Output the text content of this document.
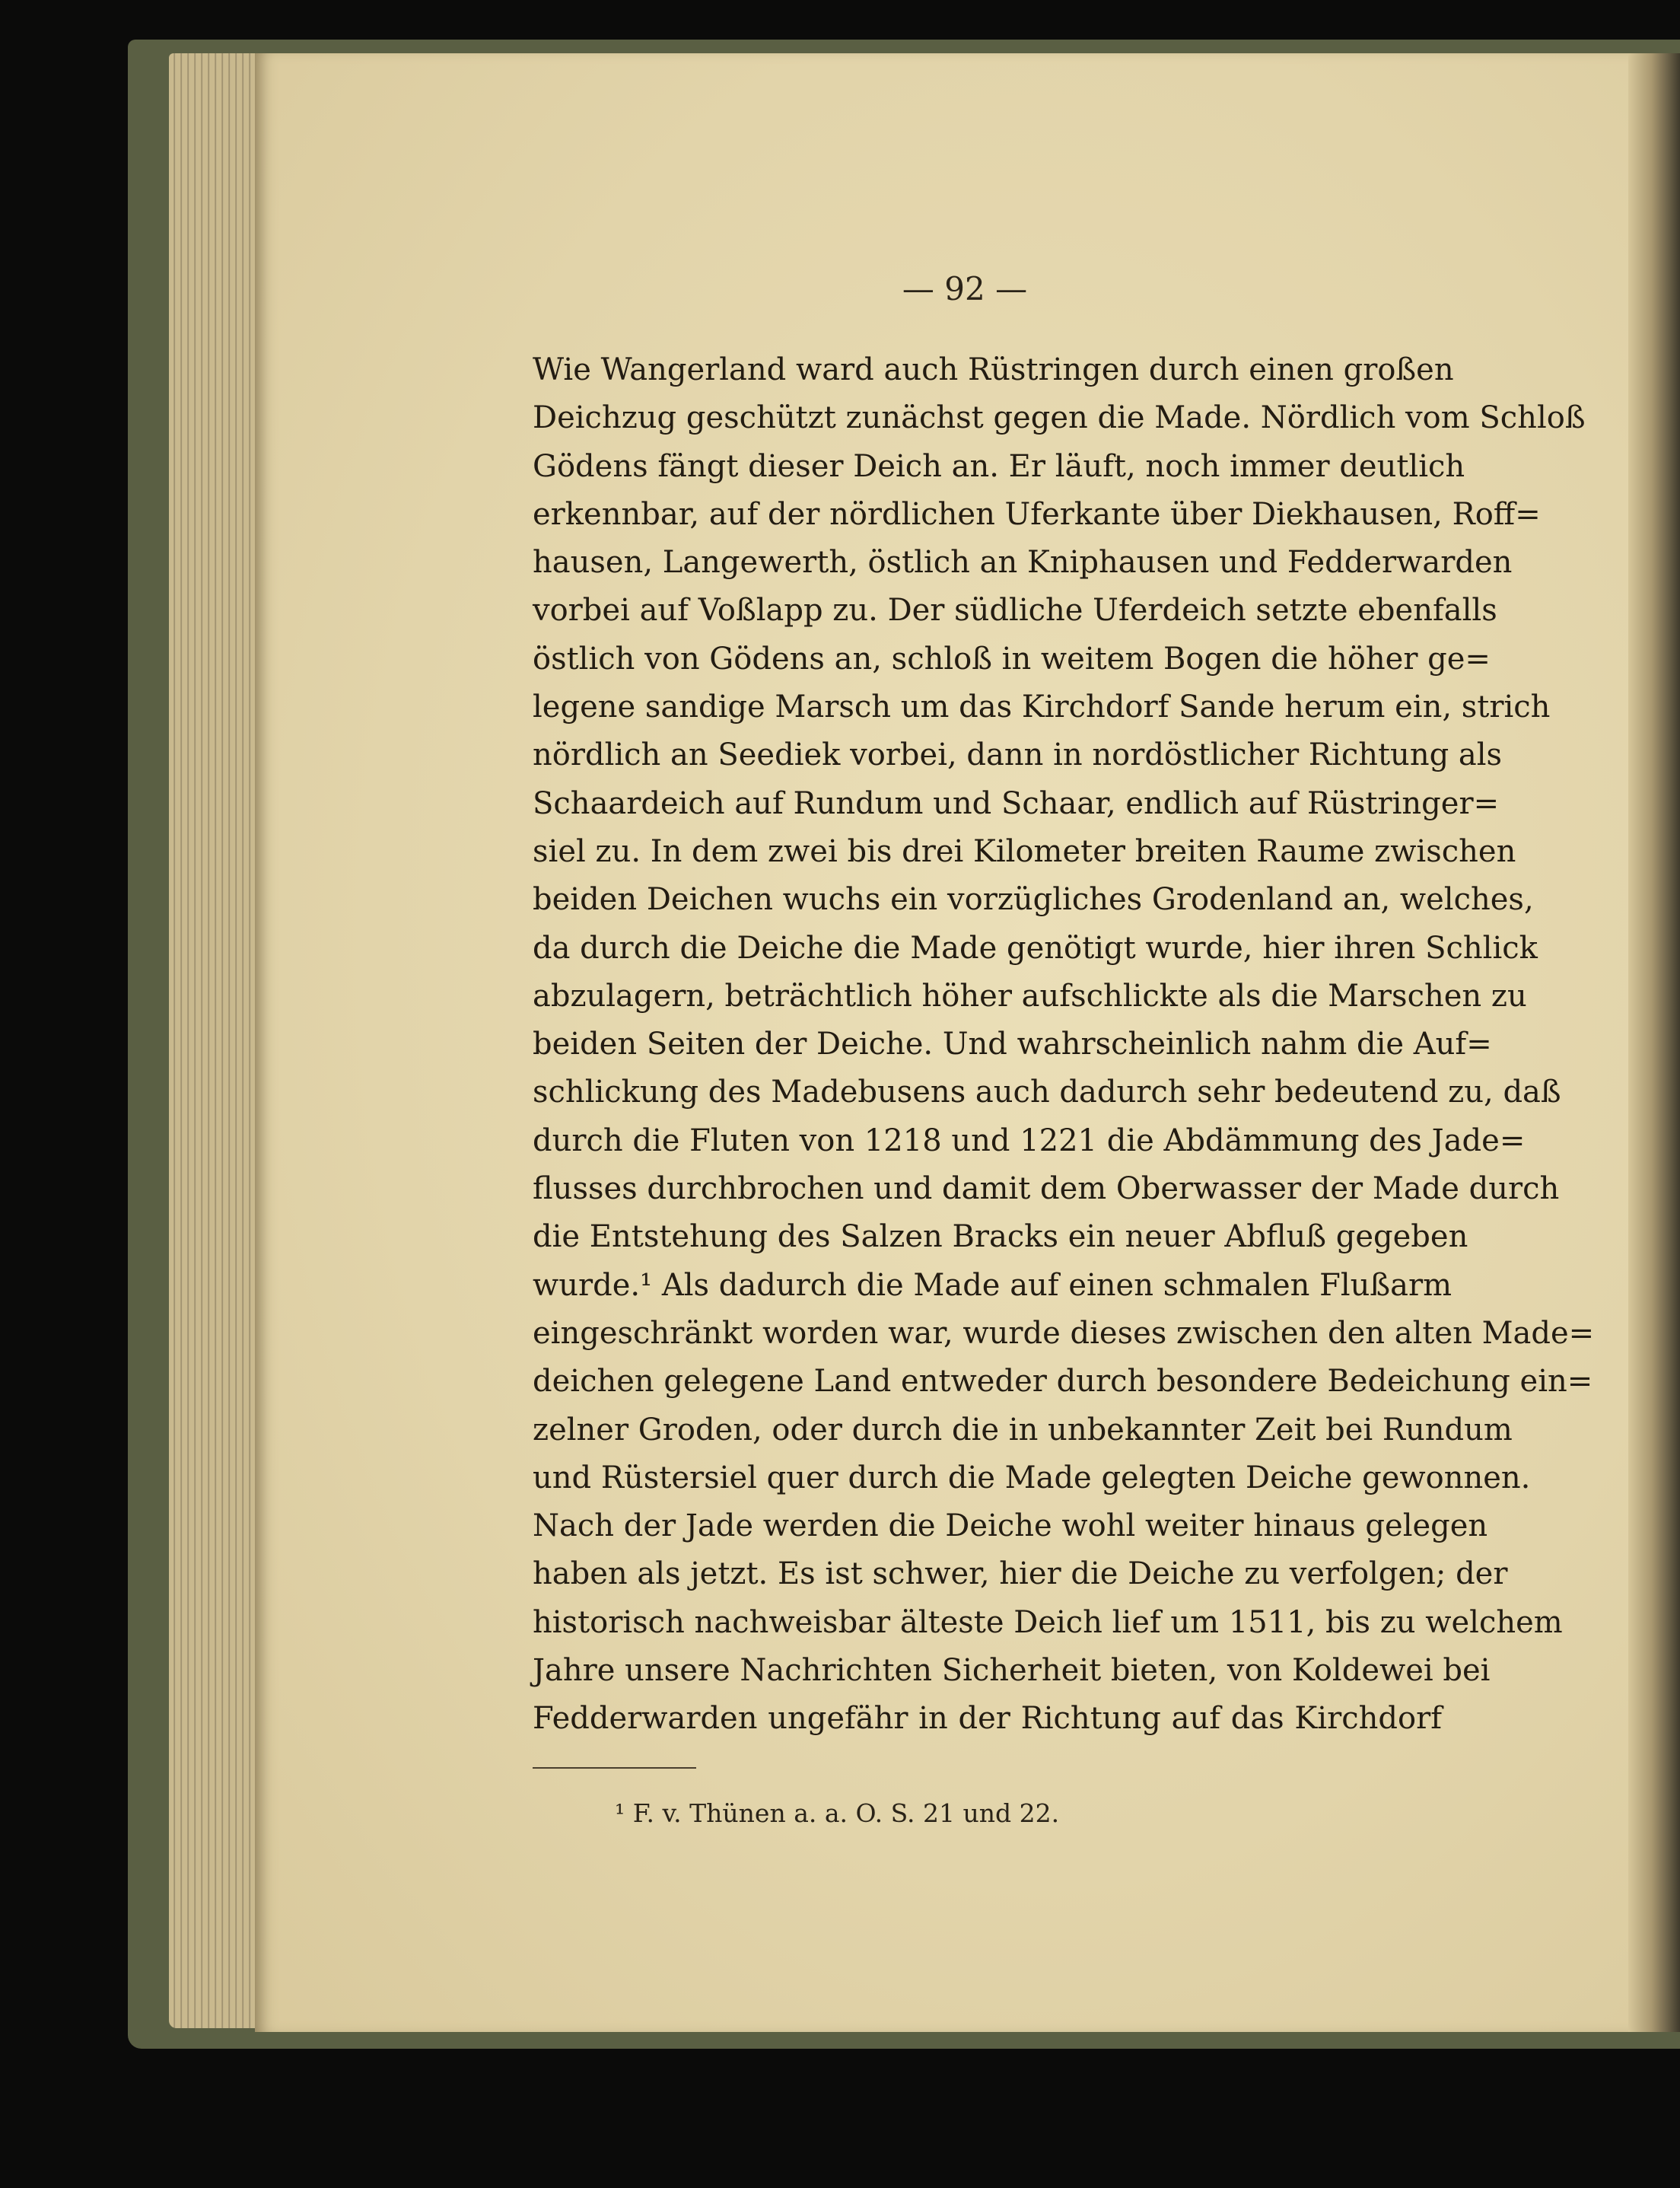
— 92 —

Wie Wangerland ward auch Rüstringen durch einen großen
Deichzug geschützt zunächst gegen die Made. Nördlich vom Schloß
Gödens fängt dieser Deich an. Er läuft, noch immer deutlich
erkennbar, auf der nördlichen Uferkante über Diekhausen, Roff=
hausen, Langewerth, östlich an Kniphausen und Fedderwarden
vorbei auf Voßlapp zu. Der südliche Uferdeich setzte ebenfalls
östlich von Gödens an, schloß in weitem Bogen die höher ge=
legene sandige Marsch um das Kirchdorf Sande herum ein, strich
nördlich an Seediek vorbei, dann in nordöstlicher Richtung als
Schaardeich auf Rundum und Schaar, endlich auf Rüstringer=
siel zu. In dem zwei bis drei Kilometer breiten Raume zwischen
beiden Deichen wuchs ein vorzügliches Grodenland an, welches,
da durch die Deiche die Made genötigt wurde, hier ihren Schlick
abzulagern, beträchtlich höher aufschlickte als die Marschen zu
beiden Seiten der Deiche. Und wahrscheinlich nahm die Auf=
schlickung des Madebusens auch dadurch sehr bedeutend zu, daß
durch die Fluten von 1218 und 1221 die Abdämmung des Jade=
flusses durchbrochen und damit dem Oberwasser der Made durch
die Entstehung des Salzen Bracks ein neuer Abfluß gegeben
wurde.¹ Als dadurch die Made auf einen schmalen Flußarm
eingeschränkt worden war, wurde dieses zwischen den alten Made=
deichen gelegene Land entweder durch besondere Bedeichung ein=
zelner Groden, oder durch die in unbekannter Zeit bei Rundum
und Rüstersiel quer durch die Made gelegten Deiche gewonnen.
Nach der Jade werden die Deiche wohl weiter hinaus gelegen
haben als jetzt. Es ist schwer, hier die Deiche zu verfolgen; der
historisch nachweisbar älteste Deich lief um 1511, bis zu welchem
Jahre unsere Nachrichten Sicherheit bieten, von Koldewei bei
Fedderwarden ungefähr in der Richtung auf das Kirchdorf

¹ F. v. Thünen a. a. O. S. 21 und 22.
